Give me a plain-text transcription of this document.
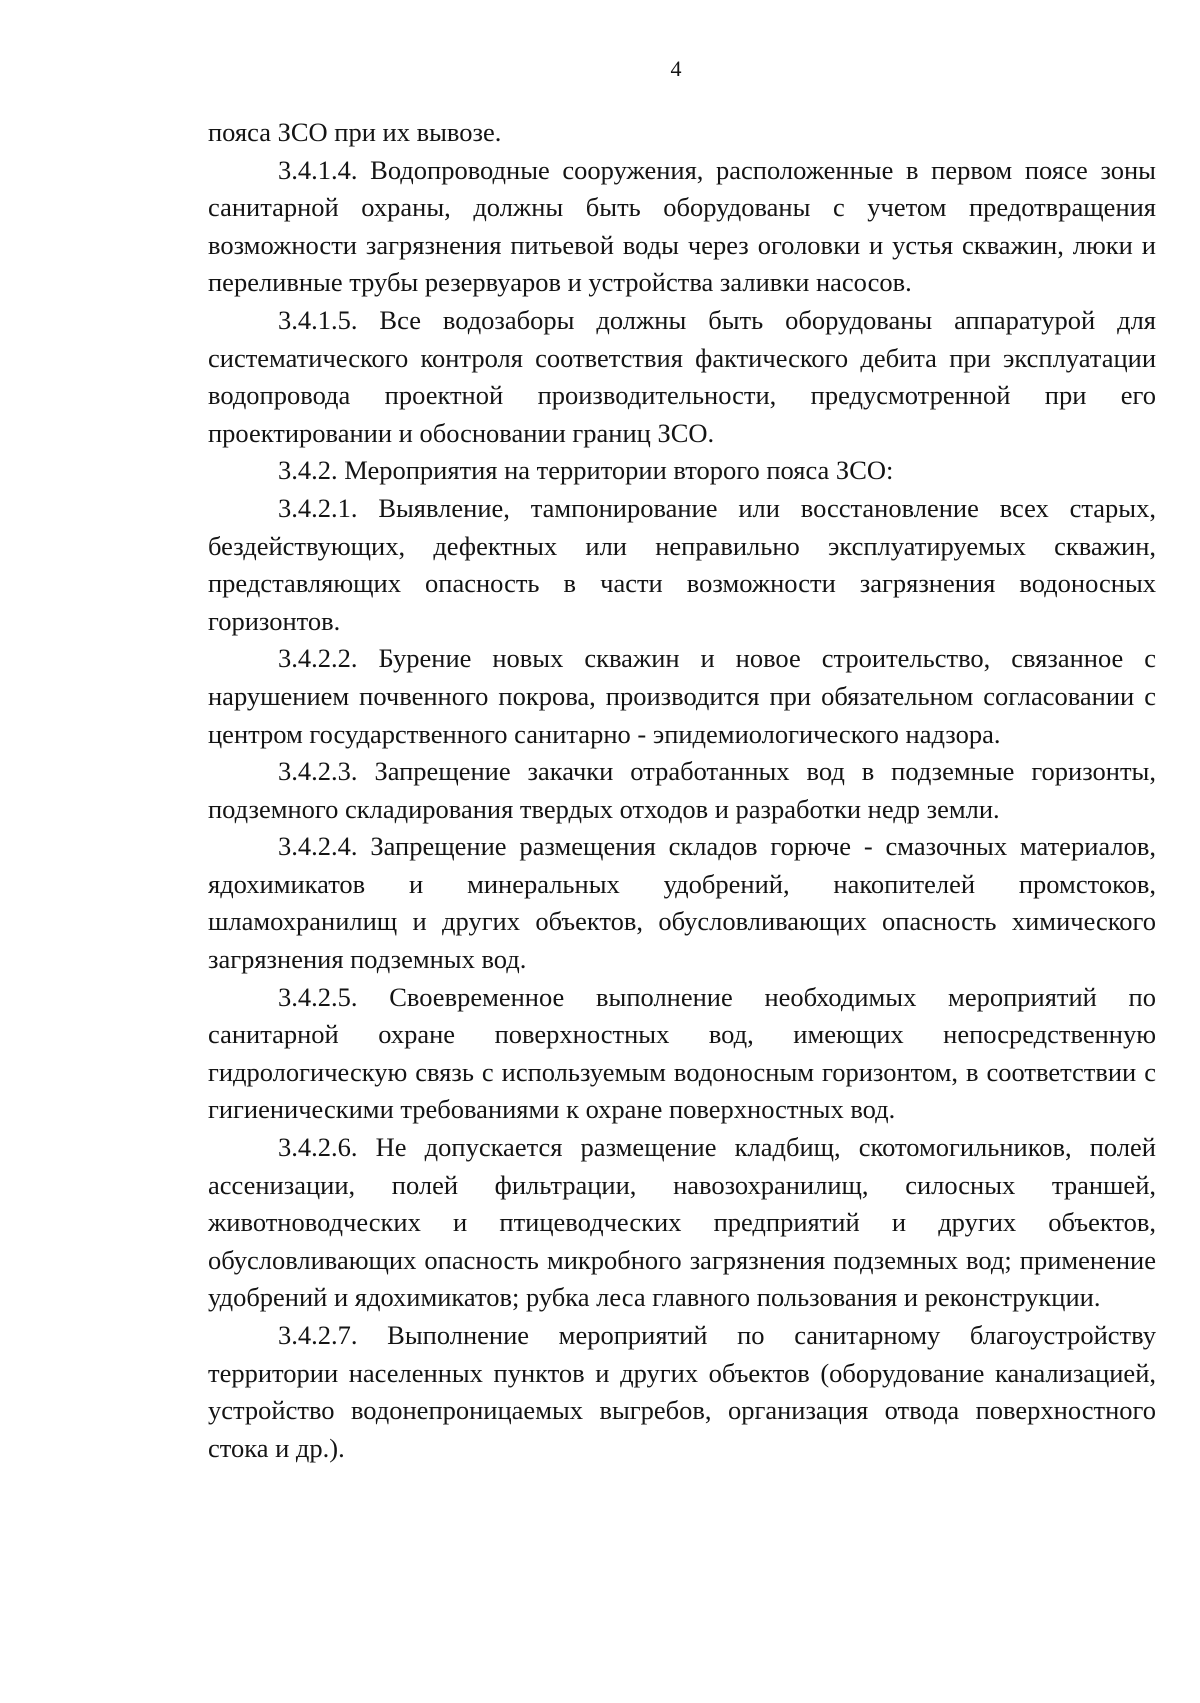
4

пояса ЗСО при их вывозе.

3.4.1.4. Водопроводные сооружения, расположенные в первом поясе зоны санитарной охраны, должны быть оборудованы с учетом предотвращения возможности загрязнения питьевой воды через оголовки и устья скважин, люки и переливные трубы резервуаров и устройства заливки насосов.

3.4.1.5. Все водозаборы должны быть оборудованы аппаратурой для систематического контроля соответствия фактического дебита при эксплуатации водопровода проектной производительности, предусмотренной при его проектировании и обосновании границ ЗСО.

3.4.2. Мероприятия на территории второго пояса ЗСО:

3.4.2.1. Выявление, тампонирование или восстановление всех старых, бездействующих, дефектных или неправильно эксплуатируемых скважин, представляющих опасность в части возможности загрязнения водоносных горизонтов.

3.4.2.2. Бурение новых скважин и новое строительство, связанное с нарушением почвенного покрова, производится при обязательном согласовании с центром государственного санитарно - эпидемиологического надзора.

3.4.2.3. Запрещение закачки отработанных вод в подземные горизонты, подземного складирования твердых отходов и разработки недр земли.

3.4.2.4. Запрещение размещения складов горюче - смазочных материалов, ядохимикатов и минеральных удобрений, накопителей промстоков, шламохранилищ и других объектов, обусловливающих опасность химического загрязнения подземных вод.

3.4.2.5. Своевременное выполнение необходимых мероприятий по санитарной охране поверхностных вод, имеющих непосредственную гидрологическую связь с используемым водоносным горизонтом, в соответствии с гигиеническими требованиями к охране поверхностных вод.

3.4.2.6. Не допускается размещение кладбищ, скотомогильников, полей ассенизации, полей фильтрации, навозохранилищ, силосных траншей, животноводческих и птицеводческих предприятий и других объектов, обусловливающих опасность микробного загрязнения подземных вод; применение удобрений и ядохимикатов; рубка леса главного пользования и реконструкции.

3.4.2.7. Выполнение мероприятий по санитарному благоустройству территории населенных пунктов и других объектов (оборудование канализацией, устройство водонепроницаемых выгребов, организация отвода поверхностного стока и др.).
